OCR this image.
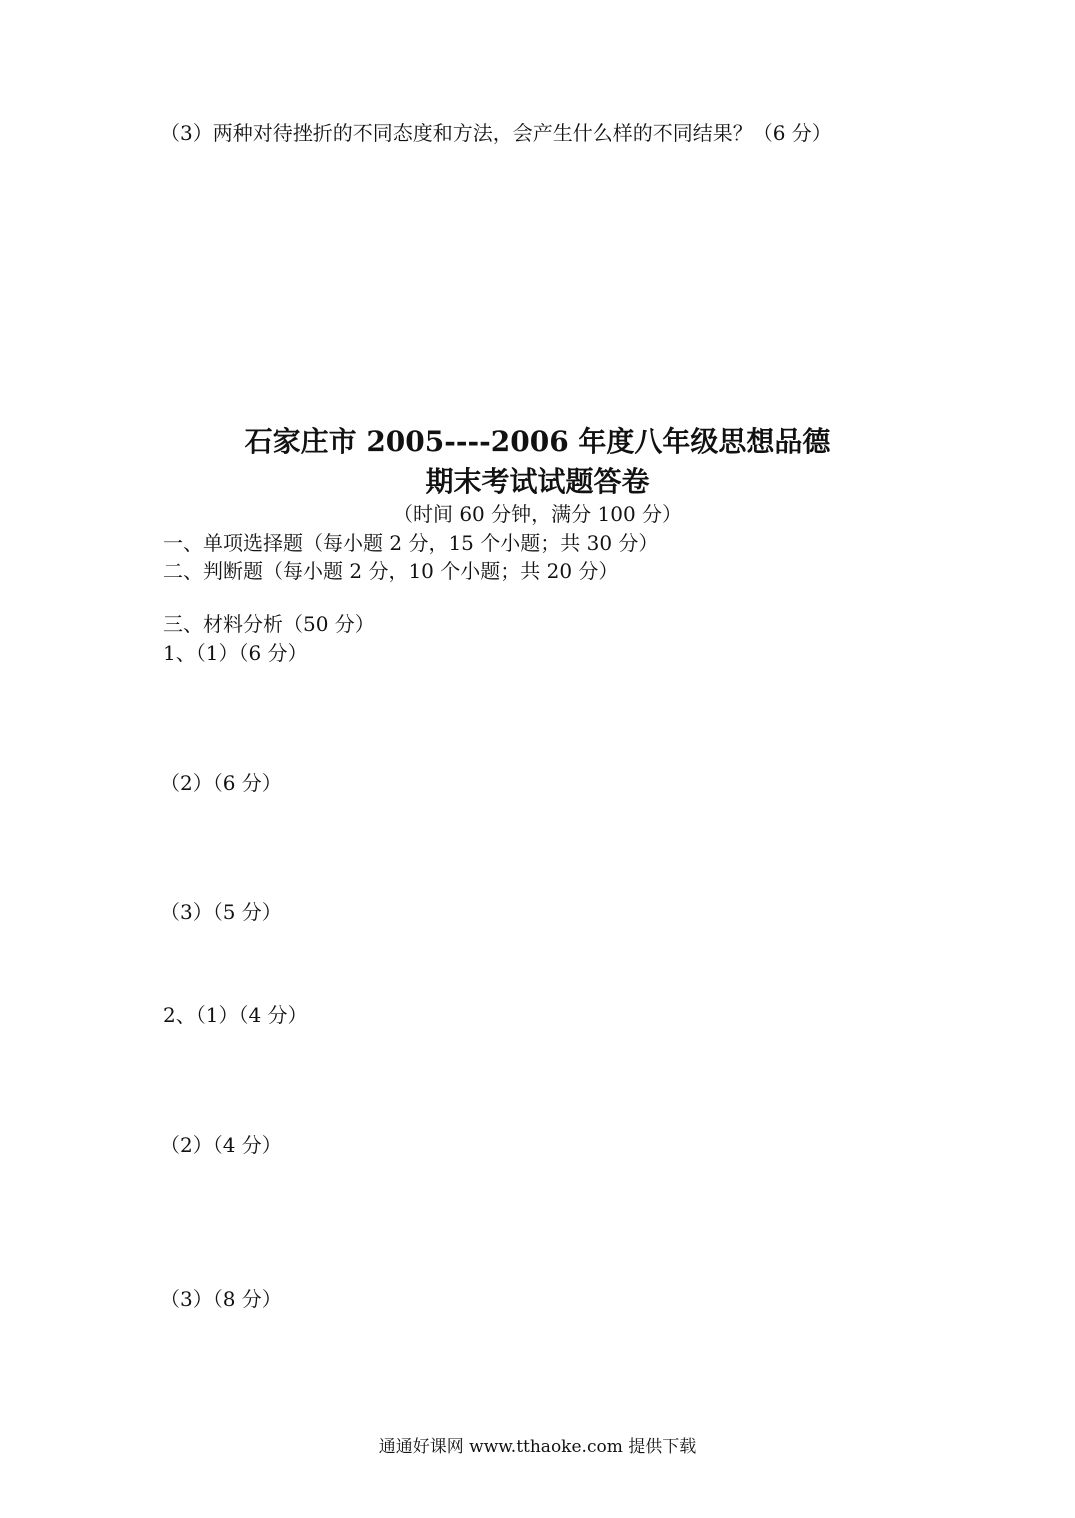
（3）两种对待挫折的不同态度和方法，会产生什么样的不同结果？（6 分）
石家庄市 2005----2006 年度八年级思想品德
期末考试试题答卷
（时间 60 分钟，满分 100 分）
一、单项选择题（每小题 2 分，15 个小题；共 30 分）
二、判断题（每小题 2 分，10 个小题；共 20 分）
三、材料分析（50 分）
1、（1）（6 分）
（2）（6 分）
（3）（5 分）
2、（1）（4 分）
（2）（4 分）
（3）（8 分）
通通好课网 www.tthaoke.com 提供下载
